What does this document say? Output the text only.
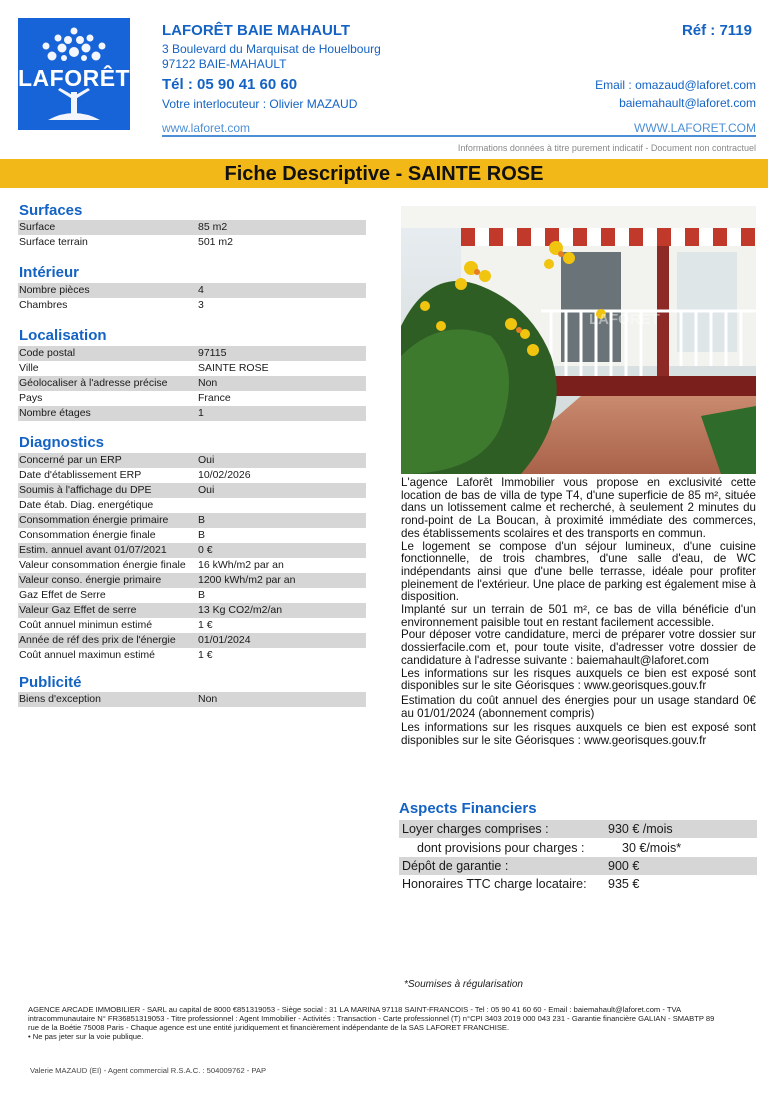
LAFORÊT
LAFORÊT BAIE MAHAULT	Réf : 7119
3 Boulevard du Marquisat de Houelbourg
97122 BAIE-MAHAULT
Tél : 05 90 41 60 60	Email : omazaud@laforet.com
Votre interlocuteur : Olivier MAZAUD	baiemahault@laforet.com
www.laforet.com	WWW.LAFORET.COM
Informations données à titre purement indicatif - Document non contractuel
Fiche Descriptive - SAINTE ROSE
Surfaces
Surface	85 m2
Surface terrain	501 m2
Intérieur
Nombre pièces	4
Chambres	3
Localisation
Code postal	97115
Ville	SAINTE ROSE
Géolocaliser à l'adresse précise	Non
Pays	France
Nombre étages	1
Diagnostics
Concerné par un ERP	Oui
Date d'établissement ERP	10/02/2026
Soumis à l'affichage du DPE	Oui
Date étab. Diag. energétique
Consommation énergie primaire	B
Consommation énergie finale	B
Estim. annuel avant 01/07/2021	0 €
Valeur consommation énergie finale 16 kWh/m2 par an
Valeur conso. énergie primaire	1200 kWh/m2 par an
Gaz Effet de Serre	B
Valeur Gaz Effet de serre	13 Kg CO2/m2/an
Coût annuel minimun estimé	1 €
Année de réf des prix de l'énergie 01/01/2024
Coût annuel maximun estimé	1 €
Publicité
Biens d'exception	Non
LAFORÊT

L'agence Laforêt Immobilier vous propose en exclusivité cette location de bas de villa de type T4, d'une superficie de 85 m², située dans un lotissement calme et recherché, à seulement 2 minutes du rond-point de La Boucan, à proximité immédiate des commerces, des établissements scolaires et des transports en commun.

Le logement se compose d'un séjour lumineux, d'une cuisine fonctionnelle, de trois chambres, d'une salle d'eau, de WC indépendants ainsi que d'une belle terrasse, idéale pour profiter pleinement de l'extérieur. Une place de parking est également mise à disposition.

Implanté sur un terrain de 501 m², ce bas de villa bénéficie d'un environnement paisible tout en restant facilement accessible.

Pour déposer votre candidature, merci de préparer votre dossier sur dossierfacile.com et, pour toute visite, d'adresser votre dossier de candidature à l'adresse suivante : baiemahault@laforet.com

Les informations sur les risques auxquels ce bien est exposé sont disponibles sur le site Géorisques : www.georisques.gouv.fr

Estimation du coût annuel des énergies pour un usage standard 0€ au 01/01/2024 (abonnement compris)

Les informations sur les risques auxquels ce bien est exposé sont disponibles sur le site Géorisques : www.georisques.gouv.fr

Aspects Financiers
Loyer charges comprises :	930 € /mois
dont provisions pour charges :	30 €/mois*
Dépôt de garantie :	900 €
Honoraires TTC charge locataire: 935 €
*Soumises à régularisation
AGENCE ARCADE IMMOBILIER - SARL au capital de 8000 €851319053 - Siège social : 31 LA MARINA 97118 SAINT-FRANCOIS - Tel : 05 90 41 60 60 - Email : baiemahault@laforet.com - TVA intracommunautaire N° FR36851319053 - Titre professionnel : Agent Immobilier - Activités : Transaction - Carte professionnel (T) n°CPI 3403 2019 000 043 231 - Garantie financière GALIAN - SMABTP 89 rue de la Boétie 75008 Paris - Chaque agence est une entité juridiquement et financièrement indépendante de la SAS LAFORET FRANCHISE.
• Ne pas jeter sur la voie publique.
Valerie MAZAUD (EI) - Agent commercial R.S.A.C. : 504009762 - PAP
